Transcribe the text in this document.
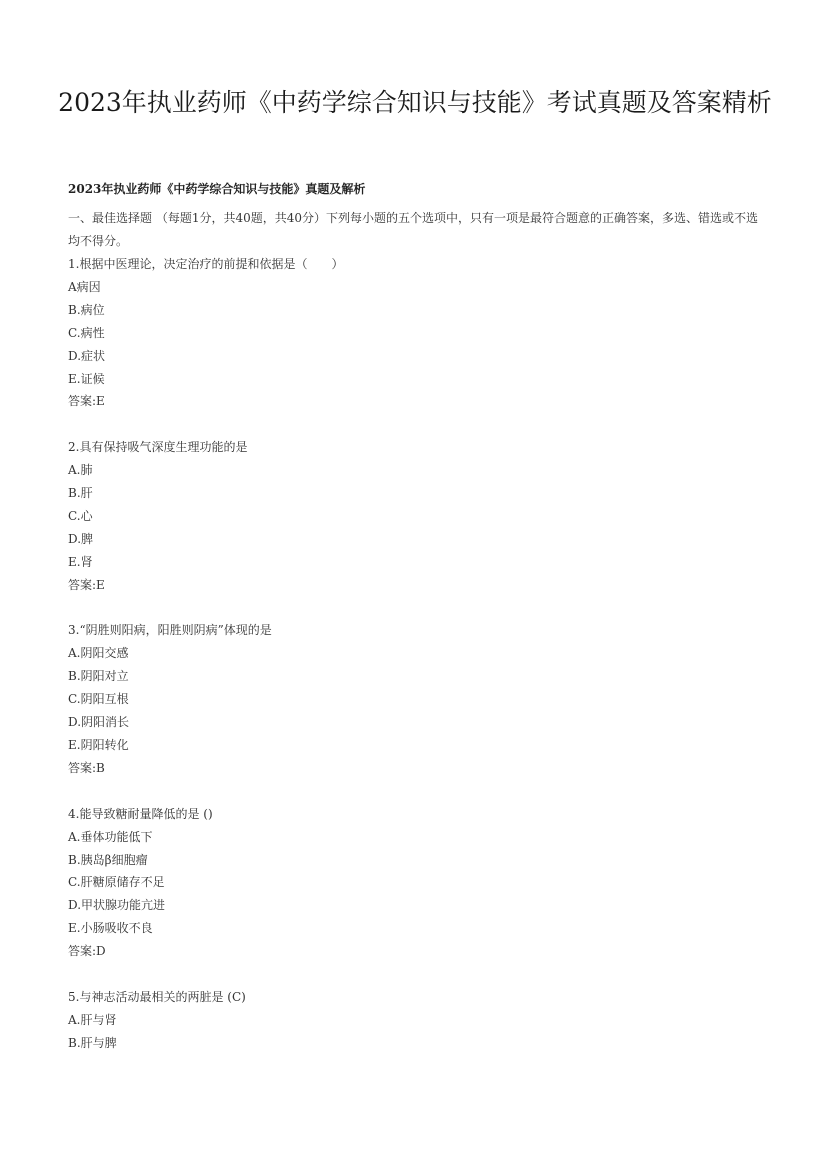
2023年执业药师《中药学综合知识与技能》考试真题及答案精析
2023年执业药师《中药学综合知识与技能》真题及解析

一、最佳选择题 （每题1分，共40题，共40分）下列每小题的五个选项中，只有一项是最符合题意的正确答案，多选、错选或不选均不得分。

1.根据中医理论，决定治疗的前提和依据是（　　）
A病因
B.病位
C.病性
D.症状
E.证候
答案:E
2.具有保持吸气深度生理功能的是
A.肺
B.肝
C.心
D.脾
E.肾
答案:E
3.“阴胜则阳病，阳胜则阴病”体现的是
A.阴阳交感
B.阴阳对立
C.阴阳互根
D.阴阳消长
E.阴阳转化
答案:B
4.能导致糖耐量降低的是 ()
A.垂体功能低下
B.胰岛β细胞瘤
C.肝糖原储存不足
D.甲状腺功能亢进
E.小肠吸收不良
答案:D
5.与神志活动最相关的两脏是 (C)
A.肝与肾
B.肝与脾
